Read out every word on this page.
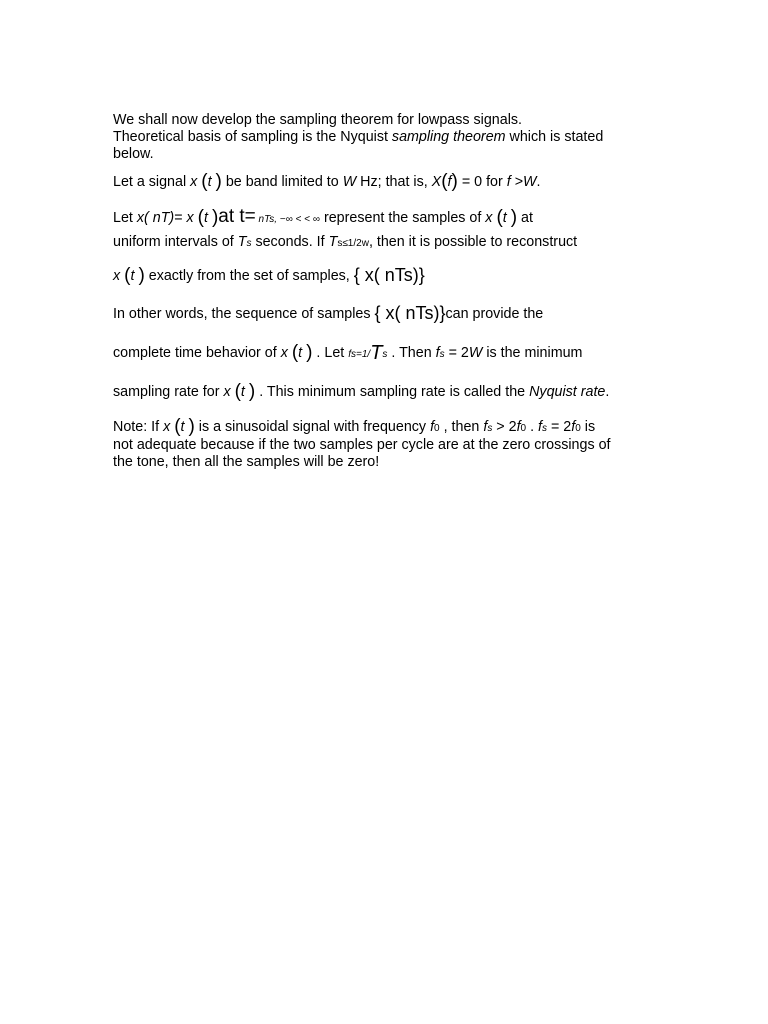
We shall now develop the sampling theorem for lowpass signals.
Theoretical basis of sampling is the Nyquist sampling theorem which is stated
below.

Let a signal x (t ) be band limited to W Hz; that is, X(f) = 0 for f >W.

Let x( nT)= x (t )at t= nTs, −∞ < < ∞ represent the samples of x (t ) at
uniform intervals of Ts seconds. If Ts≤1/2w, then it is possible to reconstruct

x (t ) exactly from the set of samples, { x( nTs)}

In other words, the sequence of samples { x( nTs)}can provide the
complete time behavior of x (t ) . Let fs=1/Ts . Then fs = 2W is the minimum
sampling rate for x (t ) . This minimum sampling rate is called the Nyquist rate.

Note: If x (t ) is a sinusoidal signal with frequency f0 , then fs > 2f0 . fs = 2f0 is
not adequate because if the two samples per cycle are at the zero crossings of
the tone, then all the samples will be zero!
